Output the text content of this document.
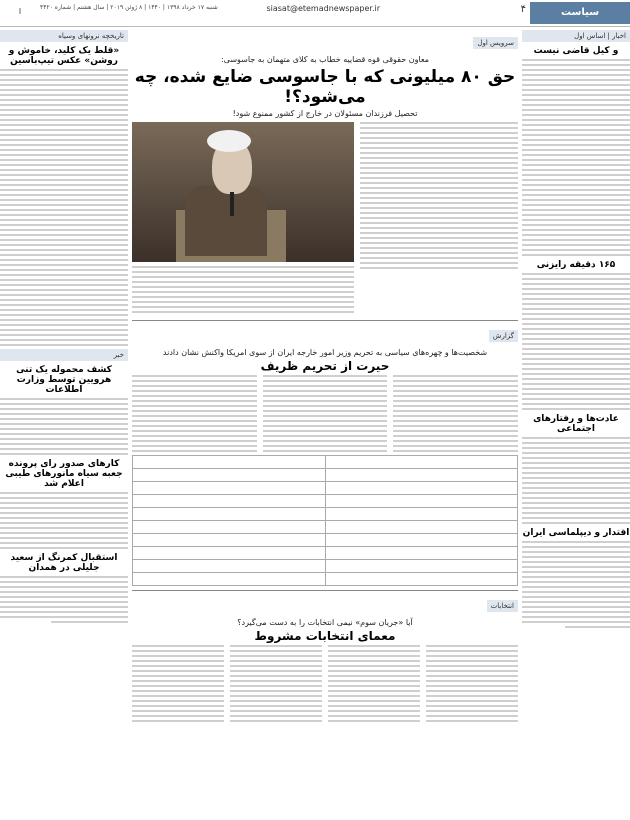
سیاست
۴
siasat@etemadnewspaper.ir
شنبه ۱۷ خرداد ۱۳۹۸ | ۱۴۴۰ | ۸ ژوئن ۲۰۱۹ | سال هشتم | شماره ۴۴۲۰
ا
اخبار | اساس اول
و کیل قاضی نیست
۱۶۵ دقیقه رایزنی
عادت‌ها و رفتارهای اجتماعی
اقتدار و دیپلماسی ایران
سرویس اول
معاون حقوقی قوه قضاییه خطاب به کلای متهمان به جاسوسی:
حق ۸۰ میلیونی که با جاسوسی ضایع شده، چه می‌شود؟!
تحصیل فرزندان مسئولان در خارج از کشور ممنوع شود!
گزارش
شخصیت‌ها و چهره‌های سیاسی به تحریم وزیر امور خارجه ایران از سوی امریکا واکنش نشان دادند
حیرت از تحریم ظریف

انتخابات
آیا «جریان سوم» نیمی انتخابات را به دست می‌گیرد؟
معمای انتخابات مشروط
تاریخچه نرونهای وسیاه
«قلط یک کلید، خاموش و روشن» عکس تیپ‌باسین
خبر
کشف محموله یک تنی هرویین توسط وزارت اطلاعات
کارهای صدور رای پرونده جعبه سیاه مانورهای طیبی اعلام شد
استقبال کمرنگ از سعید جلیلی در همدان
